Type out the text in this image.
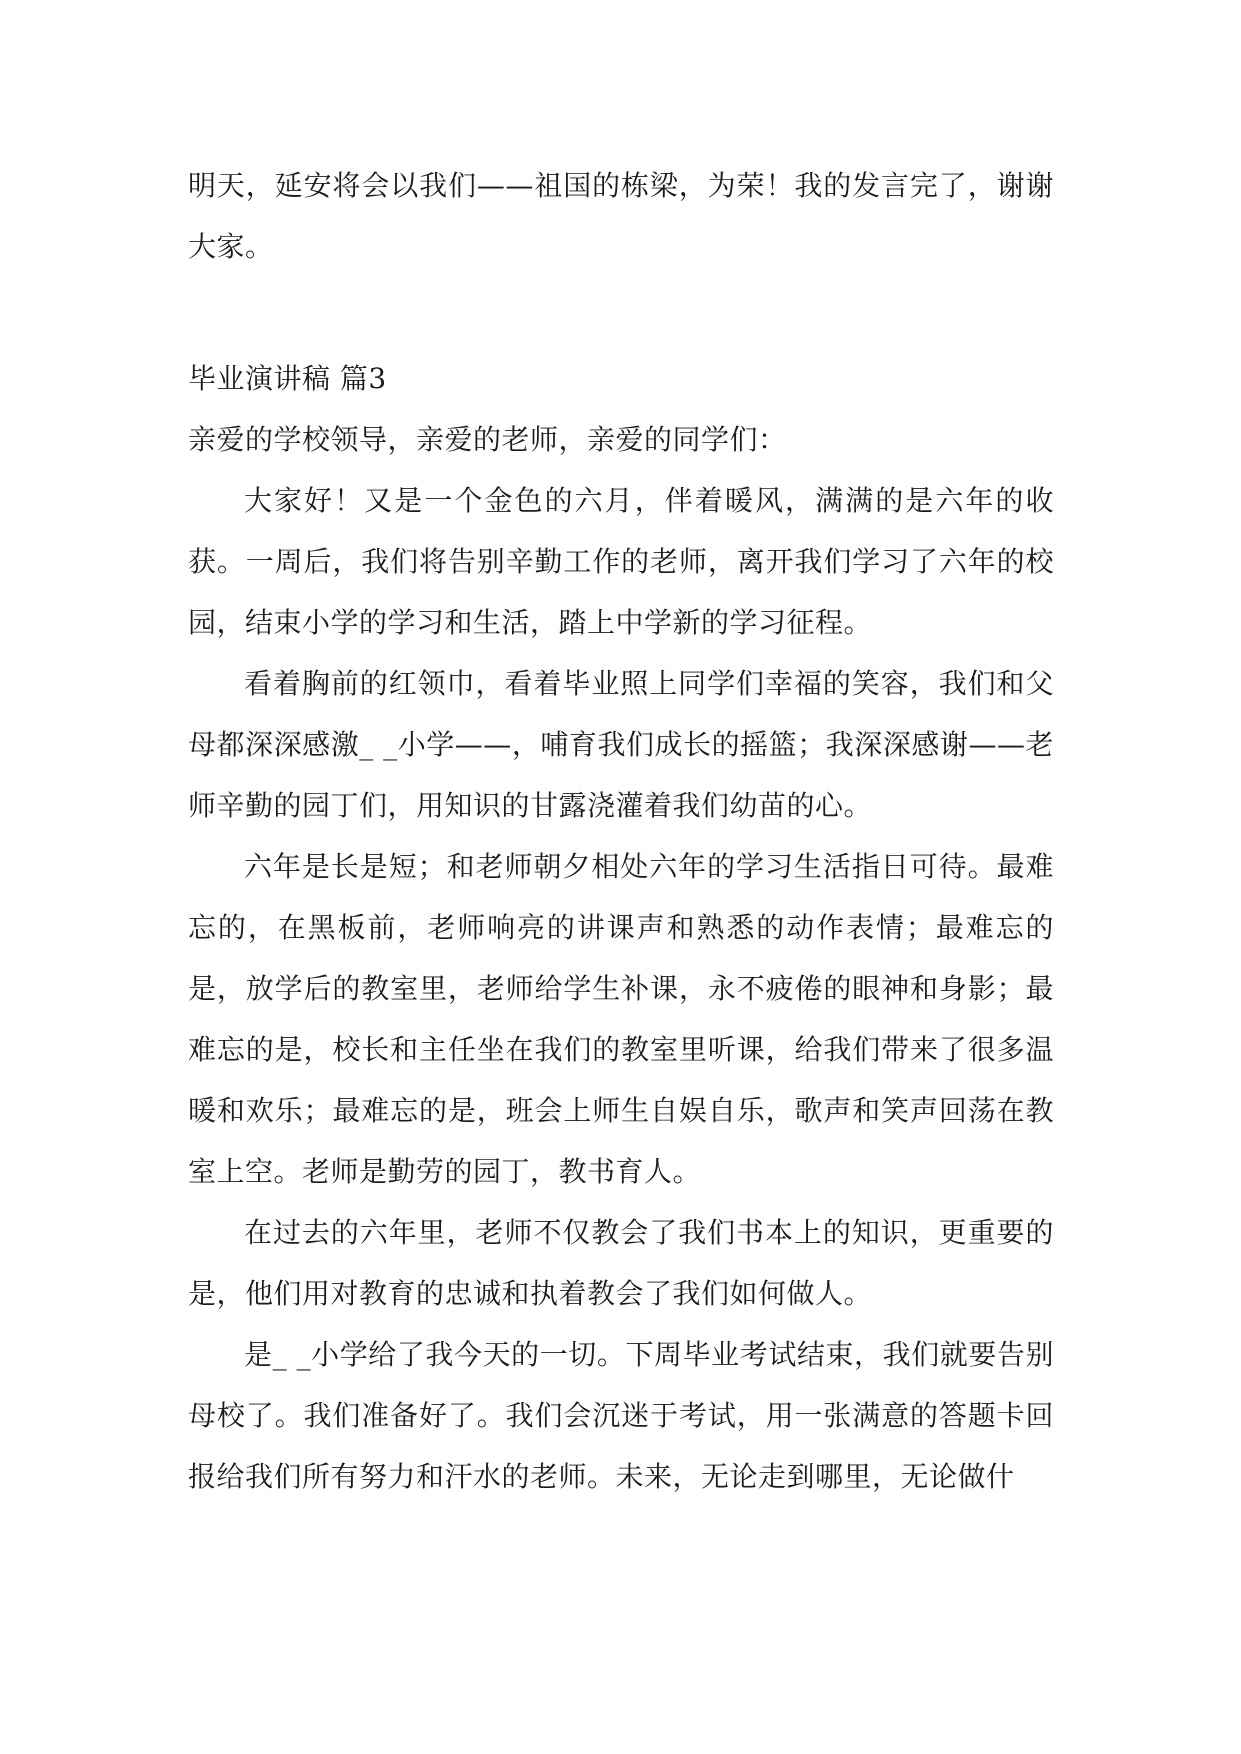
明天，延安将会以我们——祖国的栋梁，为荣！我的发言完了，谢谢大家。

毕业演讲稿 篇3

亲爱的学校领导，亲爱的老师，亲爱的同学们：

大家好！又是一个金色的六月，伴着暖风，满满的是六年的收获。一周后，我们将告别辛勤工作的老师，离开我们学习了六年的校园，结束小学的学习和生活，踏上中学新的学习征程。

看着胸前的红领巾，看着毕业照上同学们幸福的笑容，我们和父母都深深感激_ _小学——，哺育我们成长的摇篮；我深深感谢——老师辛勤的园丁们，用知识的甘露浇灌着我们幼苗的心。

六年是长是短；和老师朝夕相处六年的学习生活指日可待。最难忘的，在黑板前，老师响亮的讲课声和熟悉的动作表情；最难忘的是，放学后的教室里，老师给学生补课，永不疲倦的眼神和身影；最难忘的是，校长和主任坐在我们的教室里听课，给我们带来了很多温暖和欢乐；最难忘的是，班会上师生自娱自乐，歌声和笑声回荡在教室上空。老师是勤劳的园丁，教书育人。

在过去的六年里，老师不仅教会了我们书本上的知识，更重要的是，他们用对教育的忠诚和执着教会了我们如何做人。

是_ _小学给了我今天的一切。下周毕业考试结束，我们就要告别母校了。我们准备好了。我们会沉迷于考试，用一张满意的答题卡回报给我们所有努力和汗水的老师。未来，无论走到哪里，无论做什
